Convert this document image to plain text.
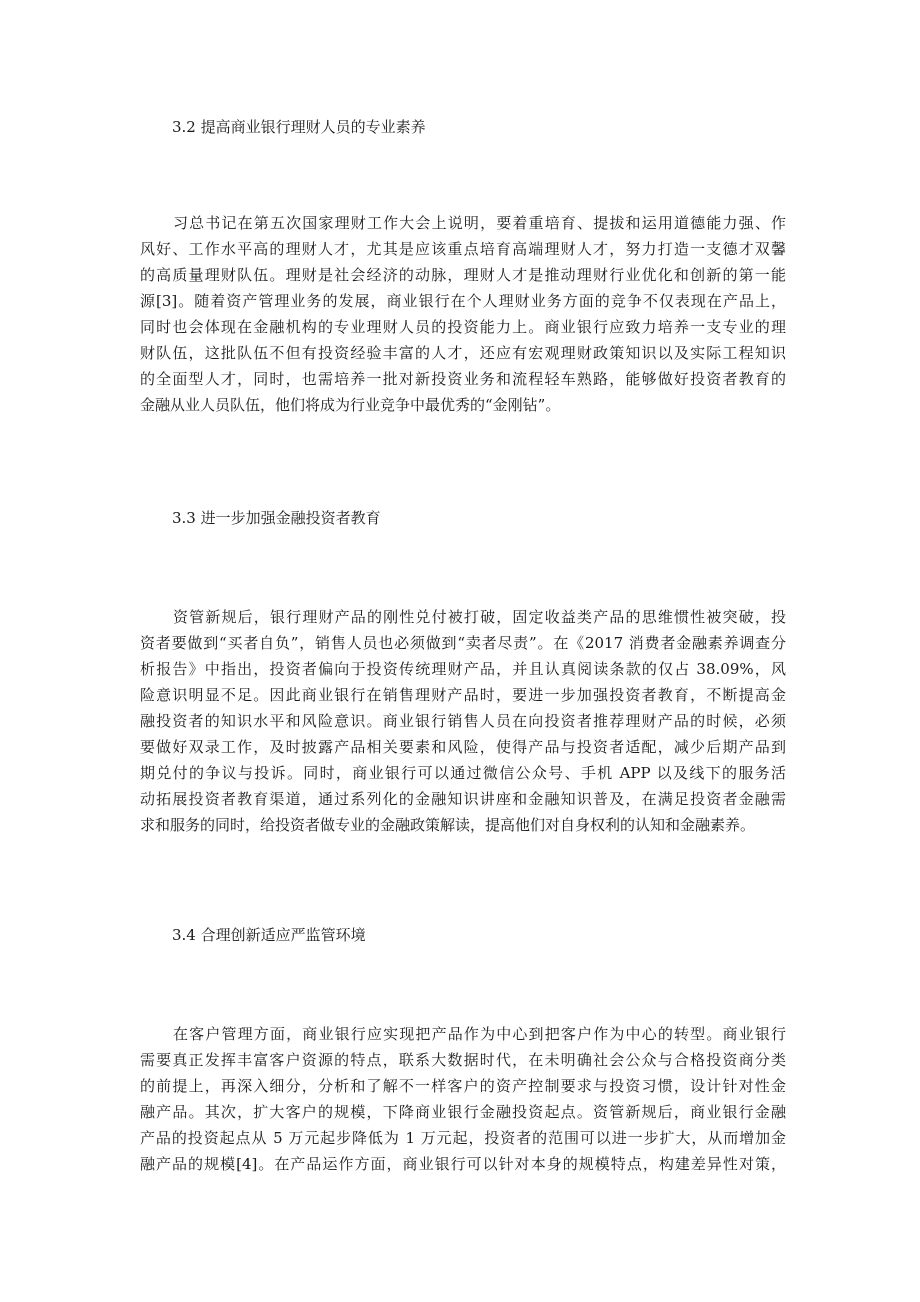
3.2 提高商业银行理财人员的专业素养
习总书记在第五次国家理财工作大会上说明，要着重培育、提拔和运用道德能力强、作
风好、工作水平高的理财人才，尤其是应该重点培育高端理财人才，努力打造一支德才双馨
的高质量理财队伍。理财是社会经济的动脉，理财人才是推动理财行业优化和创新的第一能
源[3]。随着资产管理业务的发展，商业银行在个人理财业务方面的竞争不仅表现在产品上，
同时也会体现在金融机构的专业理财人员的投资能力上。商业银行应致力培养一支专业的理
财队伍，这批队伍不但有投资经验丰富的人才，还应有宏观理财政策知识以及实际工程知识
的全面型人才，同时，也需培养一批对新投资业务和流程轻车熟路，能够做好投资者教育的
金融从业人员队伍，他们将成为行业竞争中最优秀的“金刚钻”。
3.3 进一步加强金融投资者教育
资管新规后，银行理财产品的刚性兑付被打破，固定收益类产品的思维惯性被突破，投
资者要做到“买者自负”，销售人员也必须做到“卖者尽责”。在《2017 消费者金融素养调查分
析报告》中指出，投资者偏向于投资传统理财产品，并且认真阅读条款的仅占 38.09%，风
险意识明显不足。因此商业银行在销售理财产品时，要进一步加强投资者教育，不断提高金
融投资者的知识水平和风险意识。商业银行销售人员在向投资者推荐理财产品的时候，必须
要做好双录工作，及时披露产品相关要素和风险，使得产品与投资者适配，减少后期产品到
期兑付的争议与投诉。同时，商业银行可以通过微信公众号、手机 APP 以及线下的服务活
动拓展投资者教育渠道，通过系列化的金融知识讲座和金融知识普及，在满足投资者金融需
求和服务的同时，给投资者做专业的金融政策解读，提高他们对自身权利的认知和金融素养。
3.4 合理创新适应严监管环境
在客户管理方面，商业银行应实现把产品作为中心到把客户作为中心的转型。商业银行
需要真正发挥丰富客户资源的特点，联系大数据时代，在未明确社会公众与合格投资商分类
的前提上，再深入细分，分析和了解不一样客户的资产控制要求与投资习惯，设计针对性金
融产品。其次，扩大客户的规模，下降商业银行金融投资起点。资管新规后，商业银行金融
产品的投资起点从 5 万元起步降低为 1 万元起，投资者的范围可以进一步扩大，从而增加金
融产品的规模[4]。在产品运作方面，商业银行可以针对本身的规模特点，构建差异性对策，
